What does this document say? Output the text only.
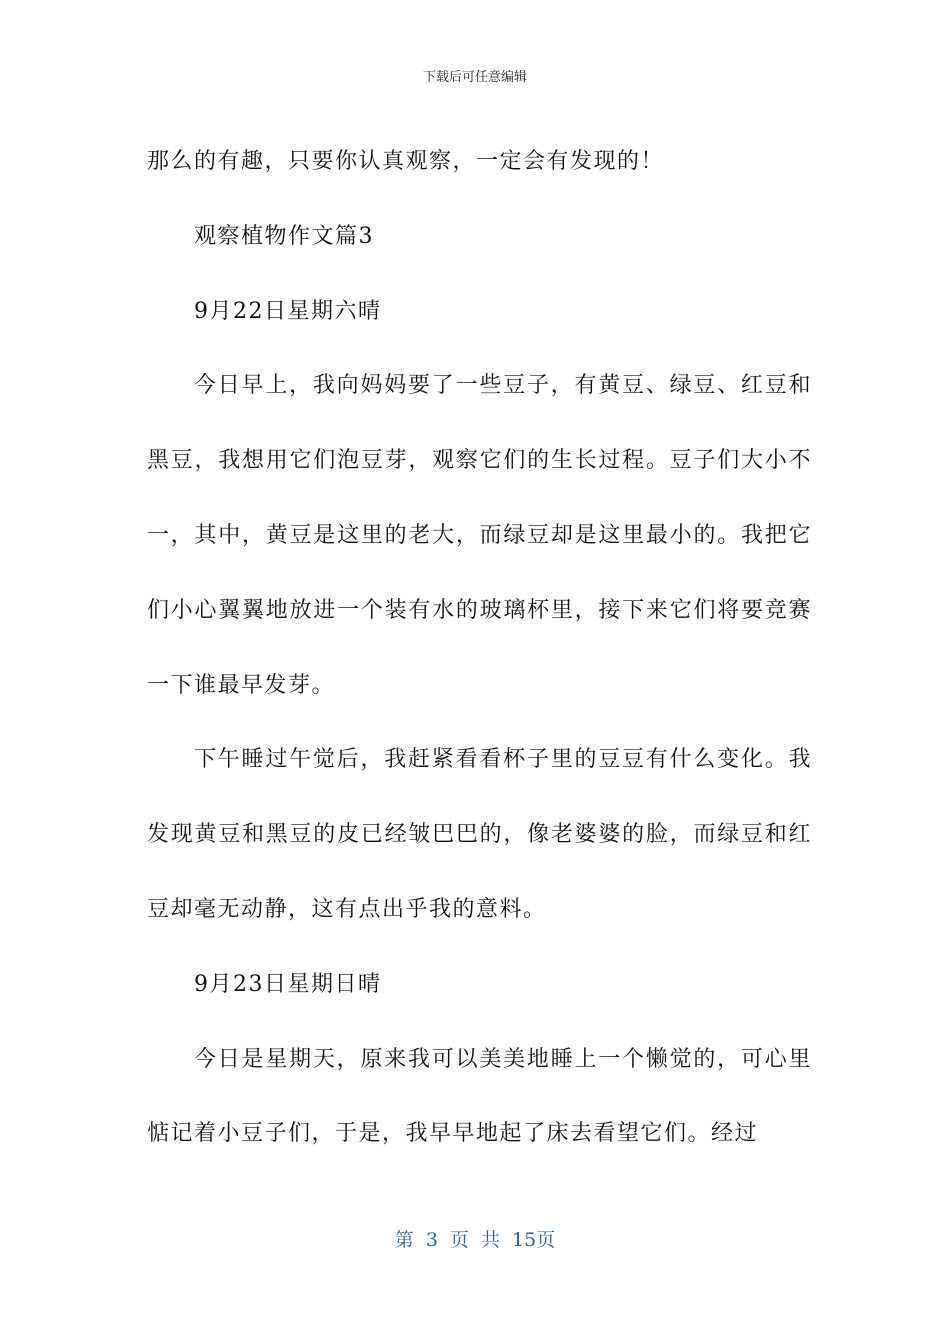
下载后可任意编辑

那么的有趣，只要你认真观察，一定会有发现的！

观察植物作文篇3

9月22日星期六晴

今日早上，我向妈妈要了一些豆子，有黄豆、绿豆、红豆和黑豆，我想用它们泡豆芽，观察它们的生长过程。豆子们大小不一，其中，黄豆是这里的老大，而绿豆却是这里最小的。我把它们小心翼翼地放进一个装有水的玻璃杯里，接下来它们将要竞赛一下谁最早发芽。

下午睡过午觉后，我赶紧看看杯子里的豆豆有什么变化。我发现黄豆和黑豆的皮已经皱巴巴的，像老婆婆的脸，而绿豆和红豆却毫无动静，这有点出乎我的意料。

9月23日星期日晴

今日是星期天，原来我可以美美地睡上一个懒觉的，可心里惦记着小豆子们，于是，我早早地起了床去看望它们。经过

第 3 页 共 15页
